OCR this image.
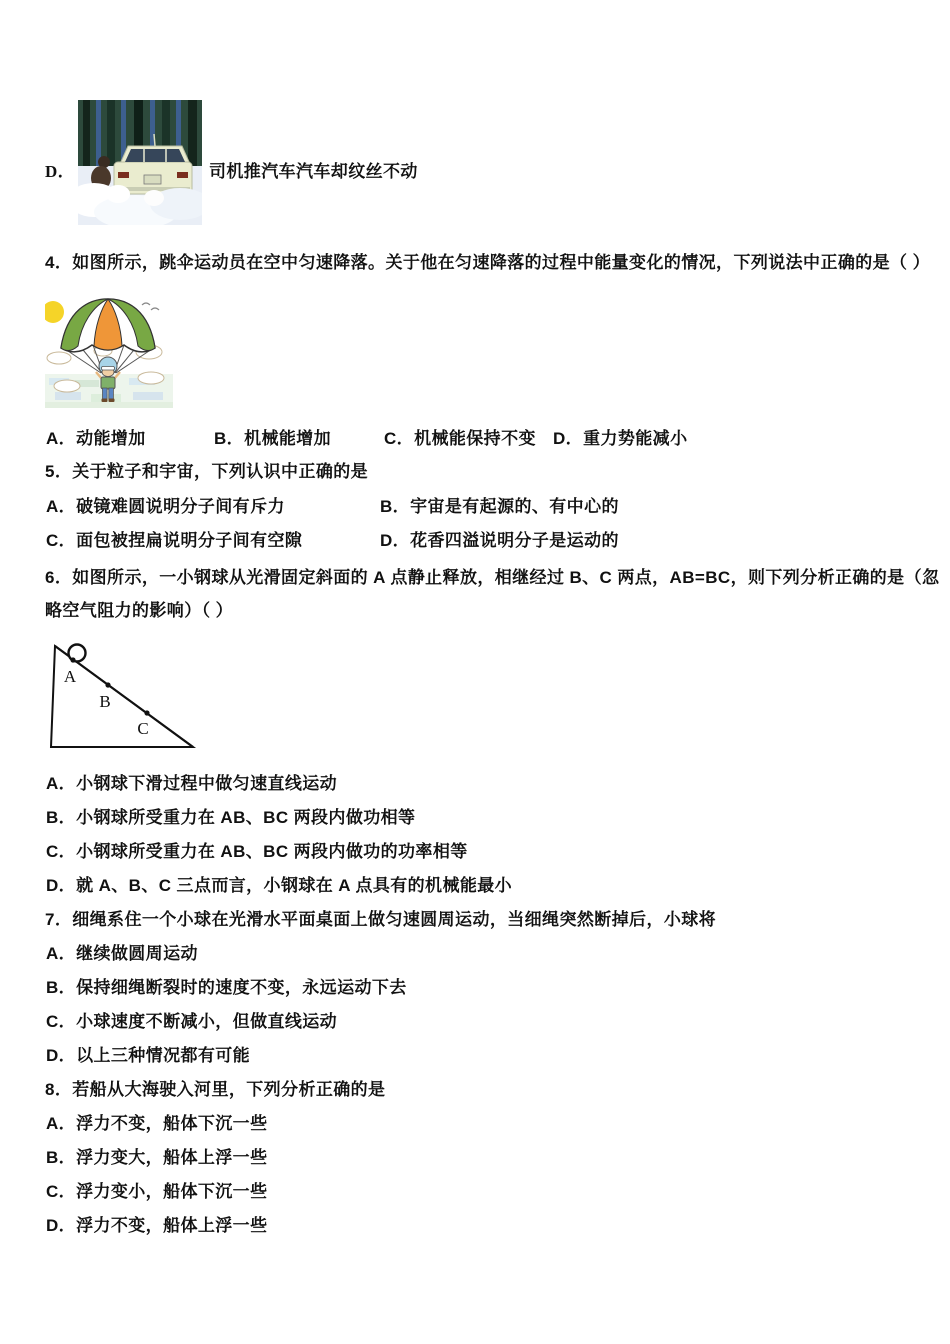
D．	司机推汽车汽车却纹丝不动
4．如图所示，跳伞运动员在空中匀速降落。关于他在匀速降落的过程中能量变化的情况，下列说法中正确的是（ ）
A．动能增加	B．机械能增加	C．机械能保持不变 D．重力势能减小
5．关于粒子和宇宙，下列认识中正确的是
A．破镜难圆说明分子间有斥力	B．宇宙是有起源的、有中心的
C．面包被捏扁说明分子间有空隙	D．花香四溢说明分子是运动的
6．如图所示，一小钢球从光滑固定斜面的 A 点静止释放，相继经过 B、C 两点，AB=BC，则下列分析正确的是（忽
略空气阻力的影响）（ ）
A
B
C
A．小钢球下滑过程中做匀速直线运动
B．小钢球所受重力在 AB、BC 两段内做功相等
C．小钢球所受重力在 AB、BC 两段内做功的功率相等
D．就 A、B、C 三点而言，小钢球在 A 点具有的机械能最小
7．细绳系住一个小球在光滑水平面桌面上做匀速圆周运动，当细绳突然断掉后，小球将
A．继续做圆周运动
B．保持细绳断裂时的速度不变，永远运动下去
C．小球速度不断减小，但做直线运动
D．以上三种情况都有可能
8．若船从大海驶入河里，下列分析正确的是
A．浮力不变，船体下沉一些
B．浮力变大，船体上浮一些
C．浮力变小，船体下沉一些
D．浮力不变，船体上浮一些
